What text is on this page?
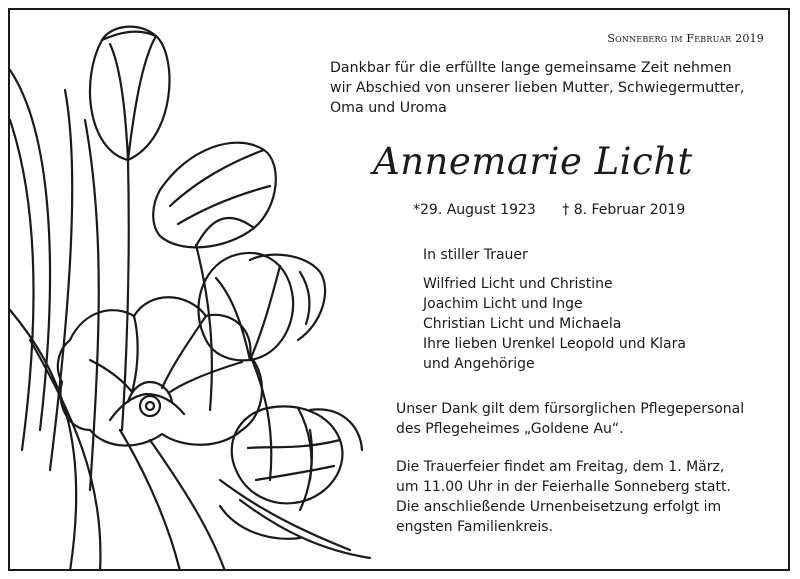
Sonneberg im Februar 2019
Dankbar für die erfüllte lange gemeinsame Zeit nehmen
wir Abschied von unserer lieben Mutter, Schwiegermutter,
Oma und Uroma
Annemarie Licht
*29. August 1923 † 8. Februar 2019
In stiller Trauer
Wilfried Licht und Christine
Joachim Licht und Inge
Christian Licht und Michaela
Ihre lieben Urenkel Leopold und Klara
und Angehörige
Unser Dank gilt dem fürsorglichen Pflegepersonal
des Pflegeheimes „Goldene Au“.
Die Trauerfeier findet am Freitag, dem 1. März,
um 11.00 Uhr in der Feierhalle Sonneberg statt.
Die anschließende Urnenbeisetzung erfolgt im
engsten Familienkreis.
